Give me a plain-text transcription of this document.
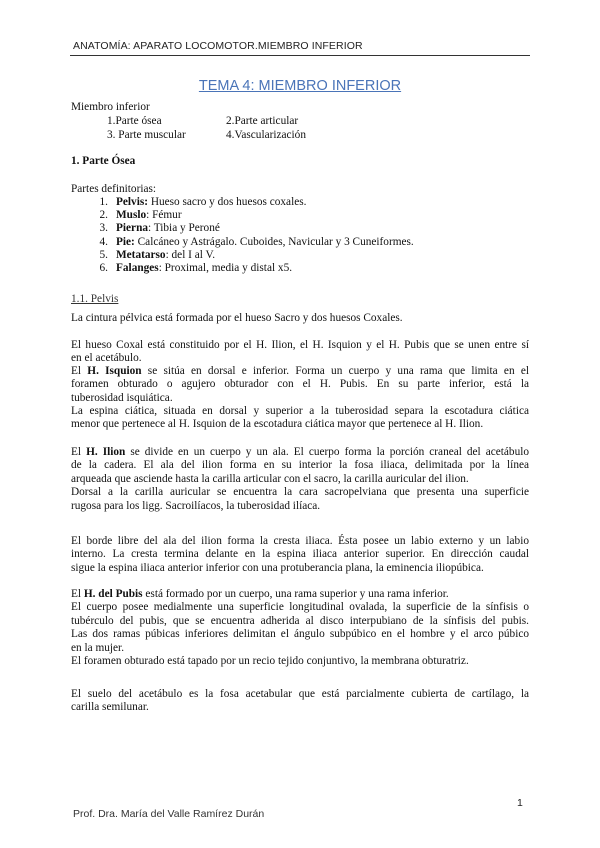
ANATOMÍA: APARATO LOCOMOTOR.MIEMBRO INFERIOR
TEMA 4: MIEMBRO INFERIOR
Miembro inferior
1.Parte ósea	2.Parte articular
3. Parte muscular	4.Vascularización
1. Parte Ósea
Partes definitorias:
1. Pelvis: Hueso sacro y dos huesos coxales.
2. Muslo: Fémur
3. Pierna: Tibia y Peroné
4. Pie: Calcáneo y Astrágalo. Cuboides, Navicular y 3 Cuneiformes.
5. Metatarso: del I al V.
6. Falanges: Proximal, media y distal x5.
1.1. Pelvis
La cintura pélvica está formada por el hueso Sacro y dos huesos Coxales.
El hueso Coxal está constituido por el H. Ilion, el H. Isquion y el H. Pubis que se unen entre sí
en el acetábulo.
El H. Isquion se sitúa en dorsal e inferior. Forma un cuerpo y una rama que limita en el
foramen obturado o agujero obturador con el H. Pubis. En su parte inferior, está la
tuberosidad isquiática.
La espina ciática, situada en dorsal y superior a la tuberosidad separa la escotadura ciática
menor que pertenece al H. Isquion de la escotadura ciática mayor que pertenece al H. Ilion.
El H. Ilion se divide en un cuerpo y un ala. El cuerpo forma la porción craneal del acetábulo
de la cadera. El ala del ilion forma en su interior la fosa iliaca, delimitada por la línea
arqueada que asciende hasta la carilla articular con el sacro, la carilla auricular del ilion.
Dorsal a la carilla auricular se encuentra la cara sacropelviana que presenta una superficie
rugosa para los ligg. Sacroilíacos, la tuberosidad ilíaca.
El borde libre del ala del ilion forma la cresta iliaca. Ésta posee un labio externo y un labio
interno. La cresta termina delante en la espina iliaca anterior superior. En dirección caudal
sigue la espina iliaca anterior inferior con una protuberancia plana, la eminencia iliopúbica.
El H. del Pubis está formado por un cuerpo, una rama superior y una rama inferior.
El cuerpo posee medialmente una superficie longitudinal ovalada, la superficie de la sínfisis o
tubérculo del pubis, que se encuentra adherida al disco interpubiano de la sínfisis del pubis.
Las dos ramas púbicas inferiores delimitan el ángulo subpúbico en el hombre y el arco púbico
en la mujer.
El foramen obturado está tapado por un recio tejido conjuntivo, la membrana obturatriz.
El suelo del acetábulo es la fosa acetabular que está parcialmente cubierta de cartílago, la
carilla semilunar.
1
Prof. Dra. María del Valle Ramírez Durán
